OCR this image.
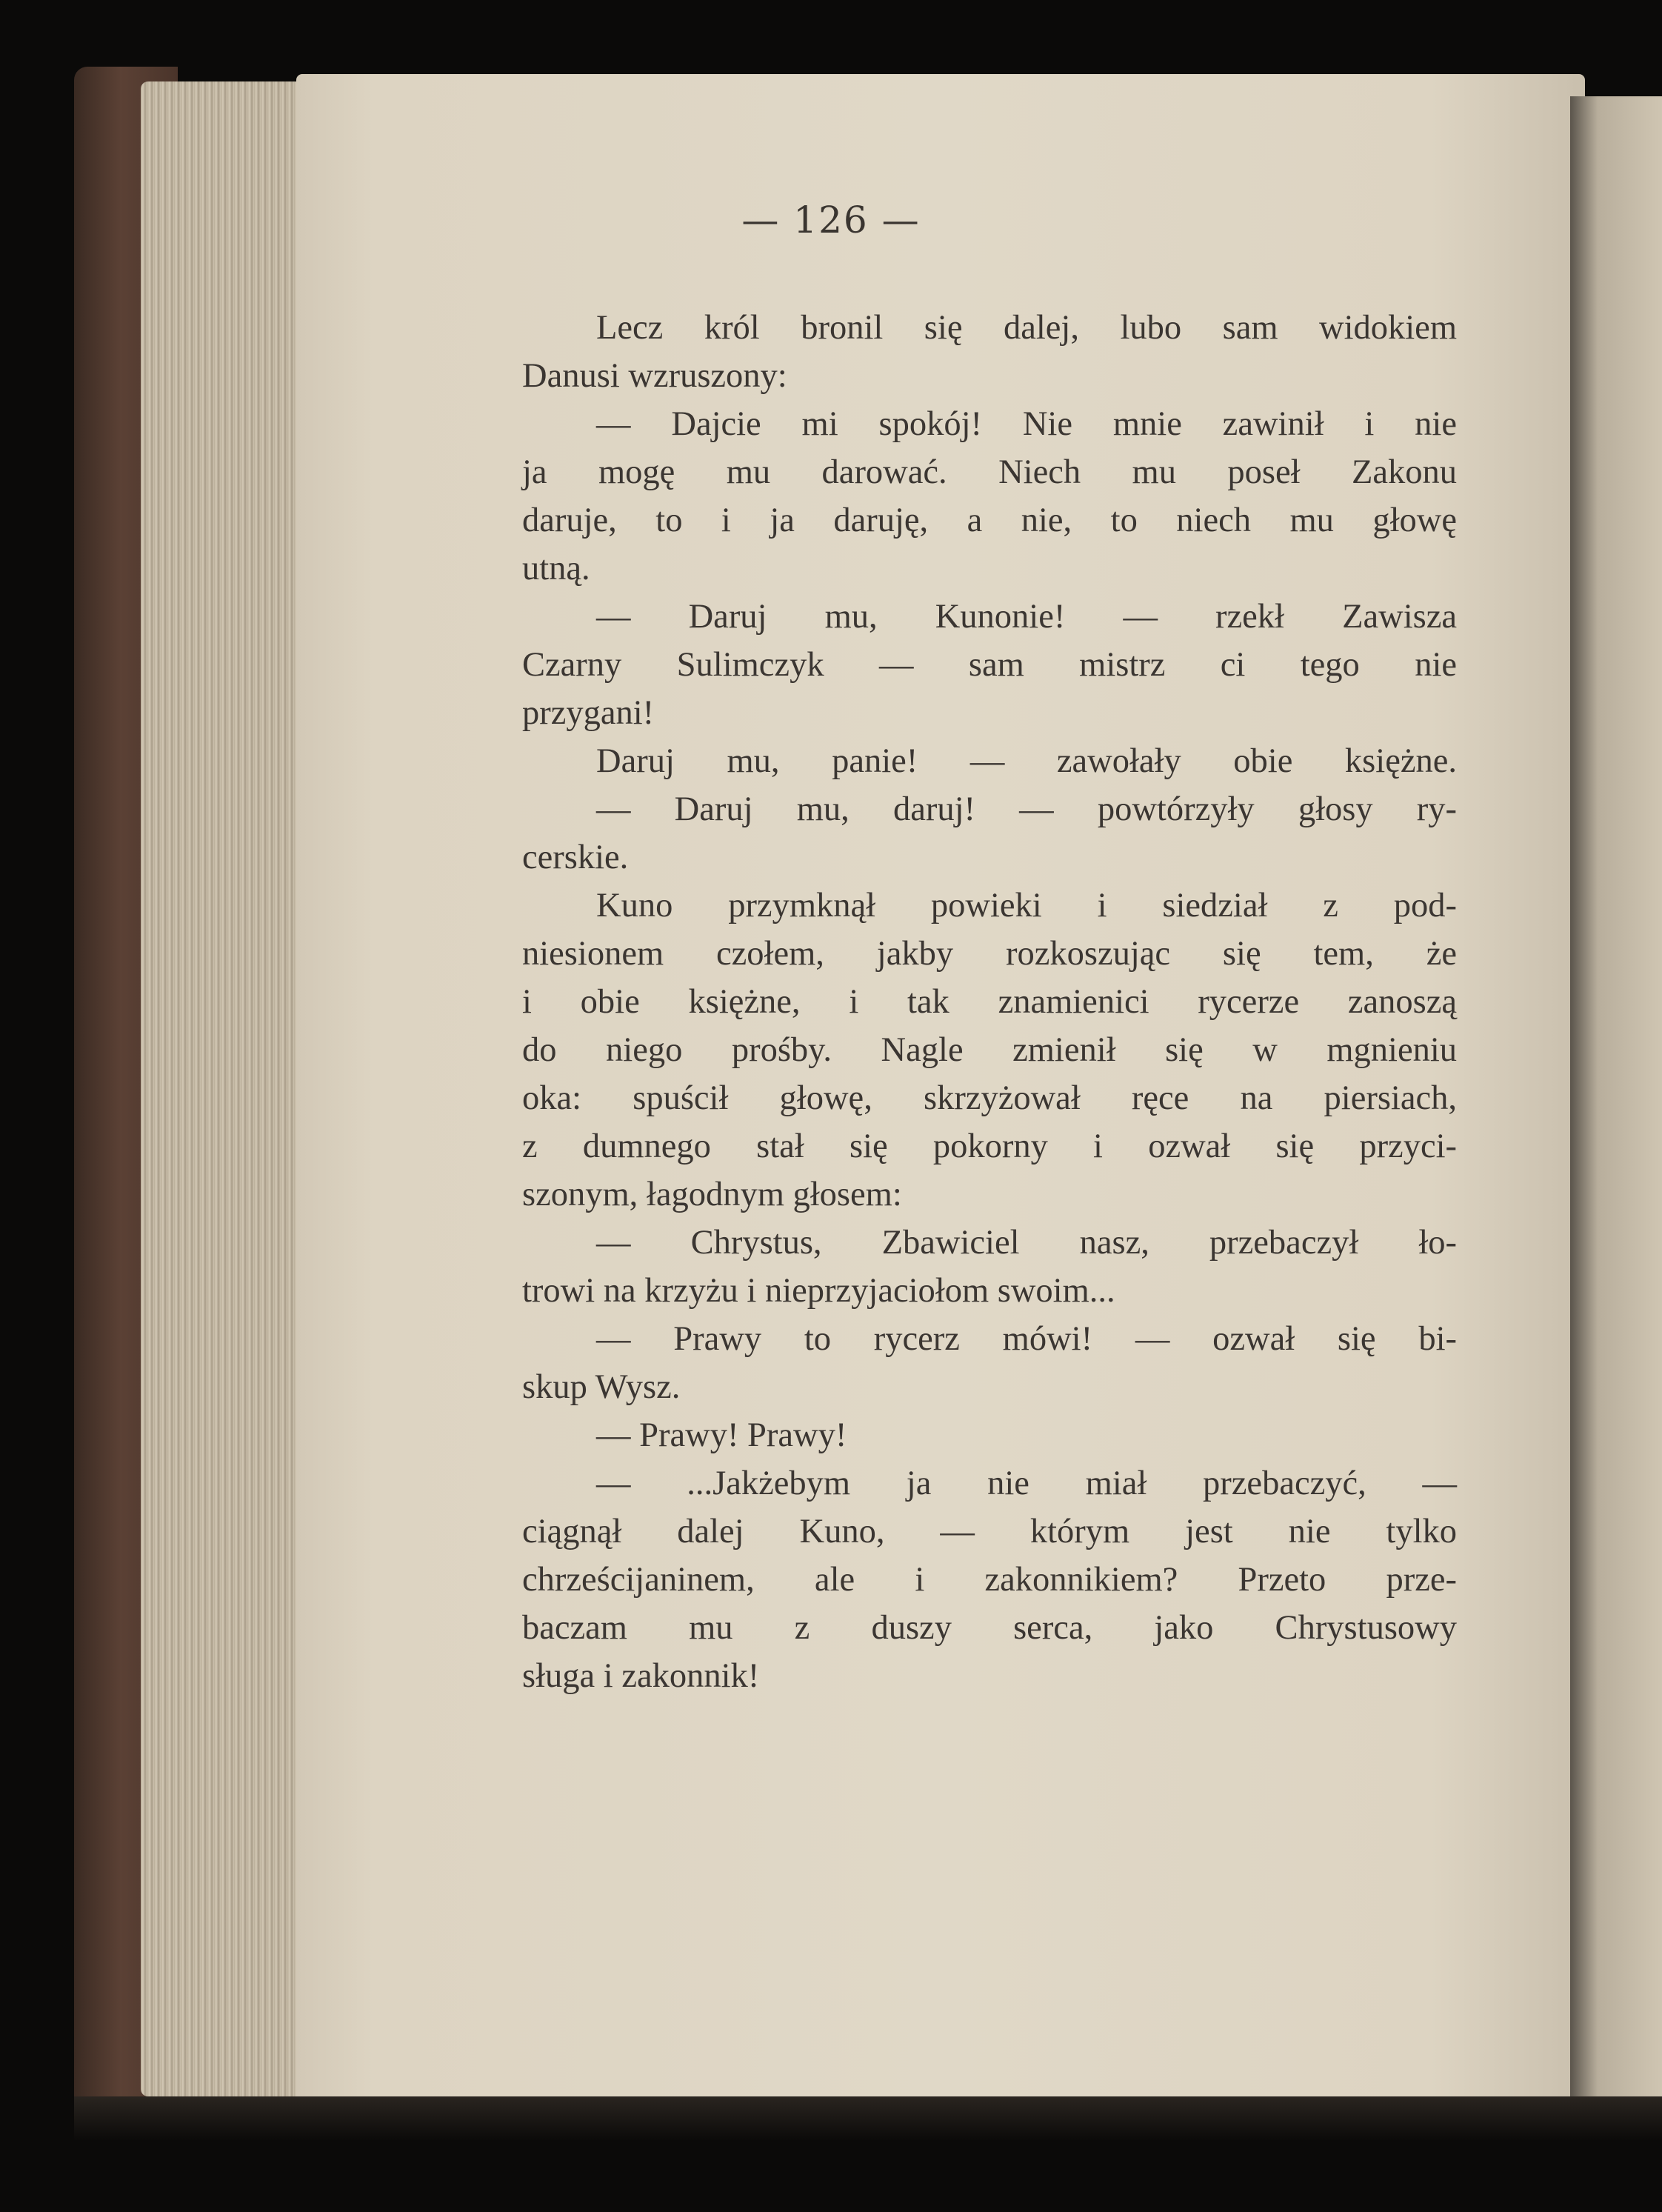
— 126 —
Lecz król bronil się dalej, lubo sam widokiem
Danusi wzruszony:
— Dajcie mi spokój! Nie mnie zawinił i nie
ja mogę mu darować. Niech mu poseł Zakonu
daruje, to i ja daruję, a nie, to niech mu głowę
utną.
— Daruj mu, Kunonie! — rzekł Zawisza
Czarny Sulimczyk — sam mistrz ci tego nie
przygani!
Daruj mu, panie! — zawołały obie księżne.
— Daruj mu, daruj! — powtórzyły głosy ry-
cerskie.
Kuno przymknął powieki i siedział z pod-
niesionem czołem, jakby rozkoszując się tem, że
i obie księżne, i tak znamienici rycerze zanoszą
do niego prośby. Nagle zmienił się w mgnieniu
oka: spuścił głowę, skrzyżował ręce na piersiach,
z dumnego stał się pokorny i ozwał się przyci-
szonym, łagodnym głosem:
— Chrystus, Zbawiciel nasz, przebaczył ło-
trowi na krzyżu i nieprzyjaciołom swoim...
— Prawy to rycerz mówi! — ozwał się bi-
skup Wysz.
— Prawy! Prawy!
— ...Jakżebym ja nie miał przebaczyć, —
ciągnął dalej Kuno, — którym jest nie tylko
chrześcijaninem, ale i zakonnikiem? Przeto prze-
baczam mu z duszy serca, jako Chrystusowy
sługa i zakonnik!
